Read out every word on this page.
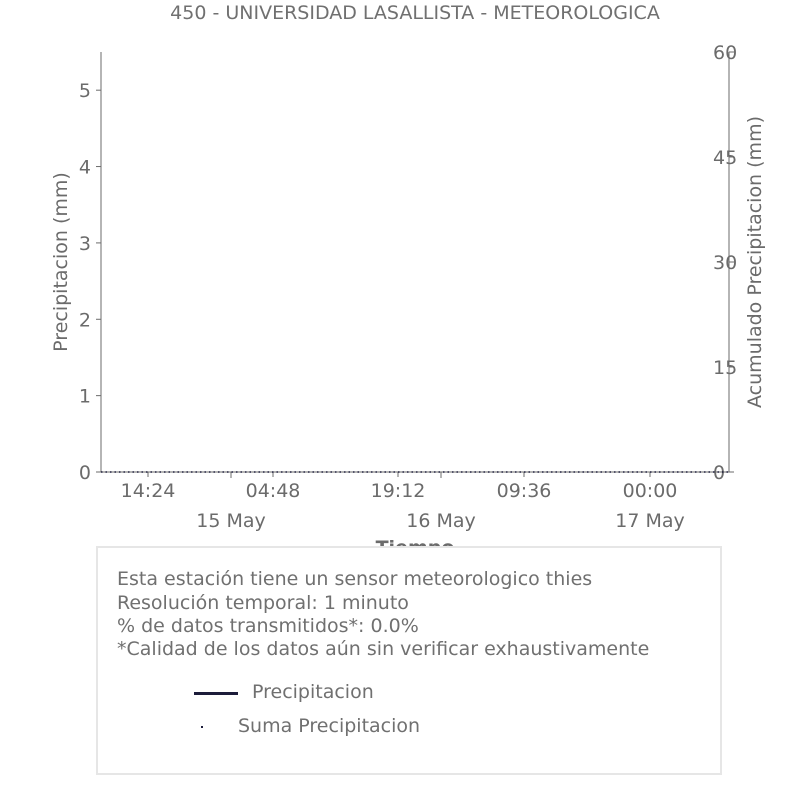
450 - UNIVERSIDAD LASALLISTA - METEOROLOGICA
0
1
2
3
4
5
0
15
30
45
60
14:24	04:48	19:12	09:36	00:00
15 May	16 May	17 May
Precipitacion (mm)	Acumulado Precipitacion (mm)
Esta estación tiene un sensor meteorologico thies
Resolución temporal: 1 minuto
% de datos transmitidos*: 0.0%
*Calidad de los datos aún sin verificar exhaustivamente
Precipitacion
Suma Precipitacion
